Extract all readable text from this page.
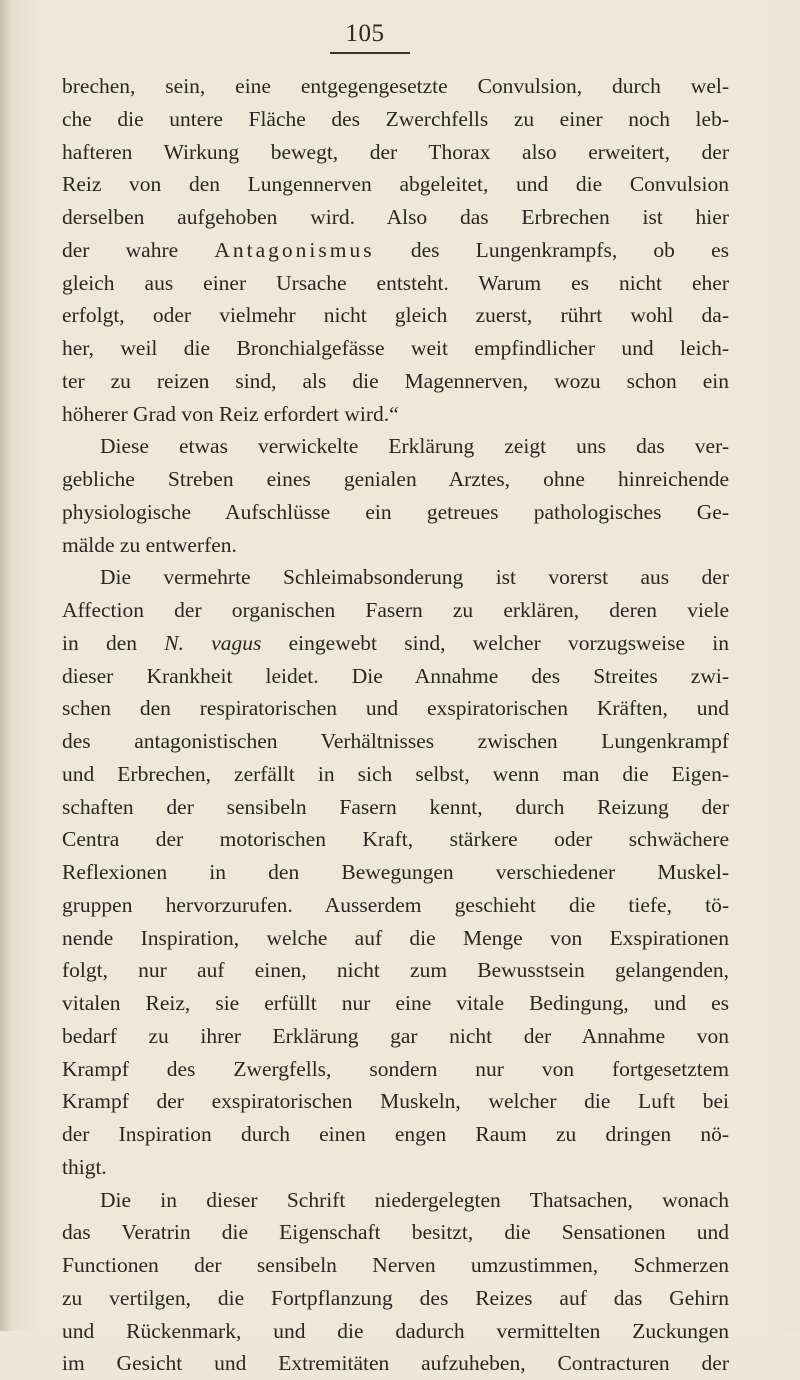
105
brechen, sein, eine entgegengesetzte Convulsion, durch wel-
che die untere Fläche des Zwerchfells zu einer noch leb-
hafteren Wirkung bewegt, der Thorax also erweitert, der
Reiz von den Lungennerven abgeleitet, und die Convulsion
derselben aufgehoben wird. Also das Erbrechen ist hier
der wahre Antagonismus des Lungenkrampfs, ob es
gleich aus einer Ursache entsteht. Warum es nicht eher
erfolgt, oder vielmehr nicht gleich zuerst, rührt wohl da-
her, weil die Bronchialgefässe weit empfindlicher und leich-
ter zu reizen sind, als die Magennerven, wozu schon ein
höherer Grad von Reiz erfordert wird.“
Diese etwas verwickelte Erklärung zeigt uns das ver-
gebliche Streben eines genialen Arztes, ohne hinreichende
physiologische Aufschlüsse ein getreues pathologisches Ge-
mälde zu entwerfen.
Die vermehrte Schleimabsonderung ist vorerst aus der
Affection der organischen Fasern zu erklären, deren viele
in den N. vagus eingewebt sind, welcher vorzugsweise in
dieser Krankheit leidet. Die Annahme des Streites zwi-
schen den respiratorischen und exspiratorischen Kräften, und
des antagonistischen Verhältnisses zwischen Lungenkrampf
und Erbrechen, zerfällt in sich selbst, wenn man die Eigen-
schaften der sensibeln Fasern kennt, durch Reizung der
Centra der motorischen Kraft, stärkere oder schwächere
Reflexionen in den Bewegungen verschiedener Muskel-
gruppen hervorzurufen. Ausserdem geschieht die tiefe, tö-
nende Inspiration, welche auf die Menge von Exspirationen
folgt, nur auf einen, nicht zum Bewusstsein gelangenden,
vitalen Reiz, sie erfüllt nur eine vitale Bedingung, und es
bedarf zu ihrer Erklärung gar nicht der Annahme von
Krampf des Zwergfells, sondern nur von fortgesetztem
Krampf der exspiratorischen Muskeln, welcher die Luft bei
der Inspiration durch einen engen Raum zu dringen nö-
thigt.
Die in dieser Schrift niedergelegten Thatsachen, wonach
das Veratrin die Eigenschaft besitzt, die Sensationen und
Functionen der sensibeln Nerven umzustimmen, Schmerzen
zu vertilgen, die Fortpflanzung des Reizes auf das Gehirn
und Rückenmark, und die dadurch vermittelten Zuckungen
im Gesicht und Extremitäten aufzuheben, Contracturen der
